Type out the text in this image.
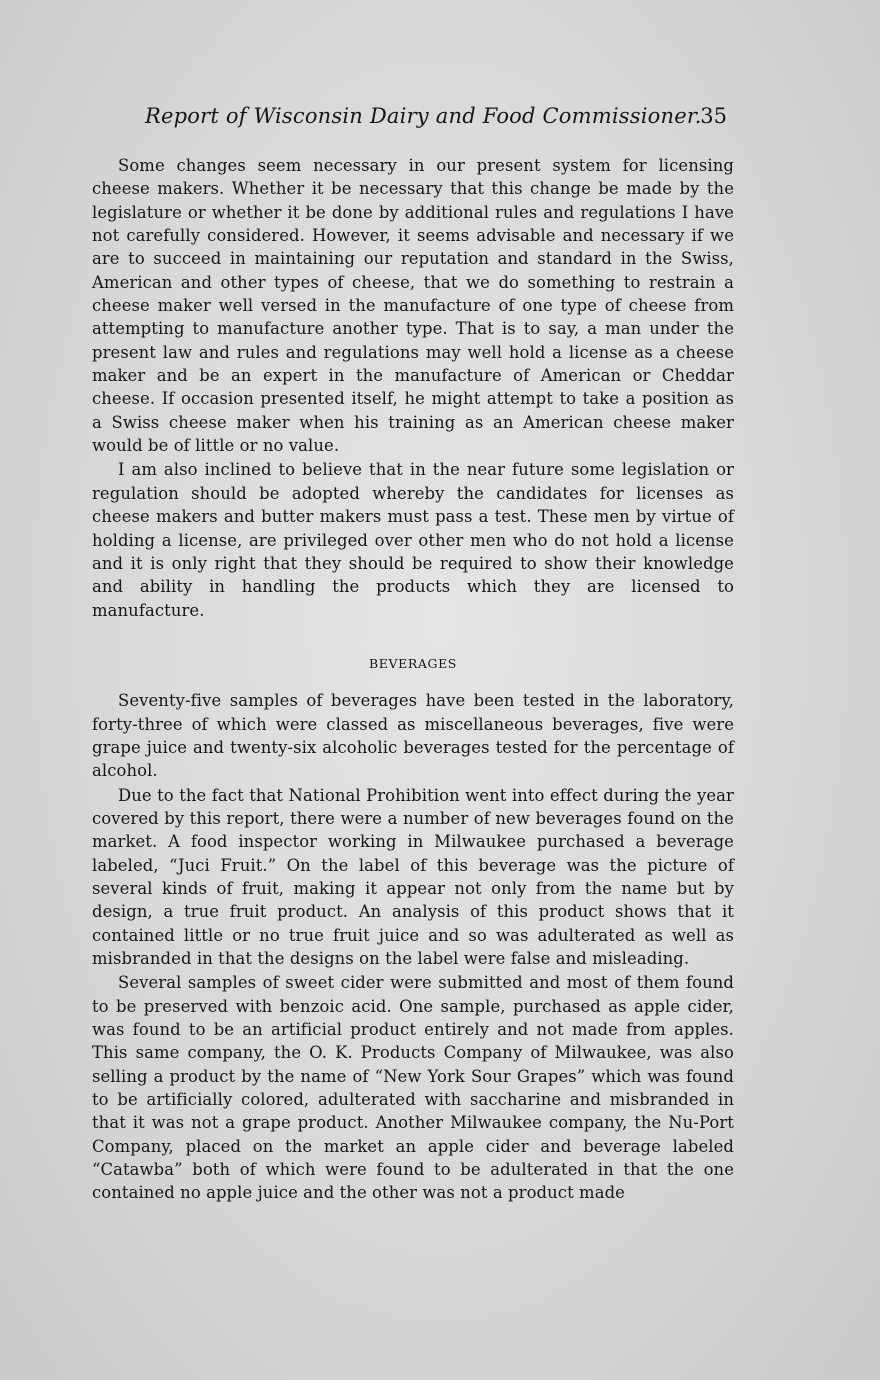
Report of Wisconsin Dairy and Food Commissioner.
35

Some changes seem necessary in our present system for licensing cheese makers. Whether it be necessary that this change be made by the legislature or whether it be done by additional rules and regulations I have not carefully considered. However, it seems advisable and necessary if we are to succeed in maintaining our reputation and standard in the Swiss, American and other types of cheese, that we do something to restrain a cheese maker well versed in the manufacture of one type of cheese from attempting to manufacture another type. That is to say, a man under the present law and rules and regulations may well hold a license as a cheese maker and be an expert in the manufacture of American or Cheddar cheese. If occasion presented itself, he might attempt to take a position as a Swiss cheese maker when his training as an American cheese maker would be of little or no value.

I am also inclined to believe that in the near future some legislation or regulation should be adopted whereby the candidates for licenses as cheese makers and butter makers must pass a test. These men by virtue of holding a license, are privileged over other men who do not hold a license and it is only right that they should be required to show their knowledge and ability in handling the products which they are licensed to manufacture.

BEVERAGES

Seventy-five samples of beverages have been tested in the laboratory, forty-three of which were classed as miscellaneous beverages, five were grape juice and twenty-six alcoholic beverages tested for the percentage of alcohol.

Due to the fact that National Prohibition went into effect during the year covered by this report, there were a number of new beverages found on the market. A food inspector working in Milwaukee purchased a beverage labeled, “Juci Fruit.” On the label of this beverage was the picture of several kinds of fruit, making it appear not only from the name but by design, a true fruit product. An analysis of this product shows that it contained little or no true fruit juice and so was adulterated as well as misbranded in that the designs on the label were false and misleading.

Several samples of sweet cider were submitted and most of them found to be preserved with benzoic acid. One sample, purchased as apple cider, was found to be an artificial product entirely and not made from apples. This same company, the O. K. Products Company of Milwaukee, was also selling a product by the name of “New York Sour Grapes” which was found to be artificially colored, adulterated with saccharine and misbranded in that it was not a grape product. Another Milwaukee company, the Nu-Port Company, placed on the market an apple cider and beverage labeled “Catawba” both of which were found to be adulterated in that the one contained no apple juice and the other was not a product made
